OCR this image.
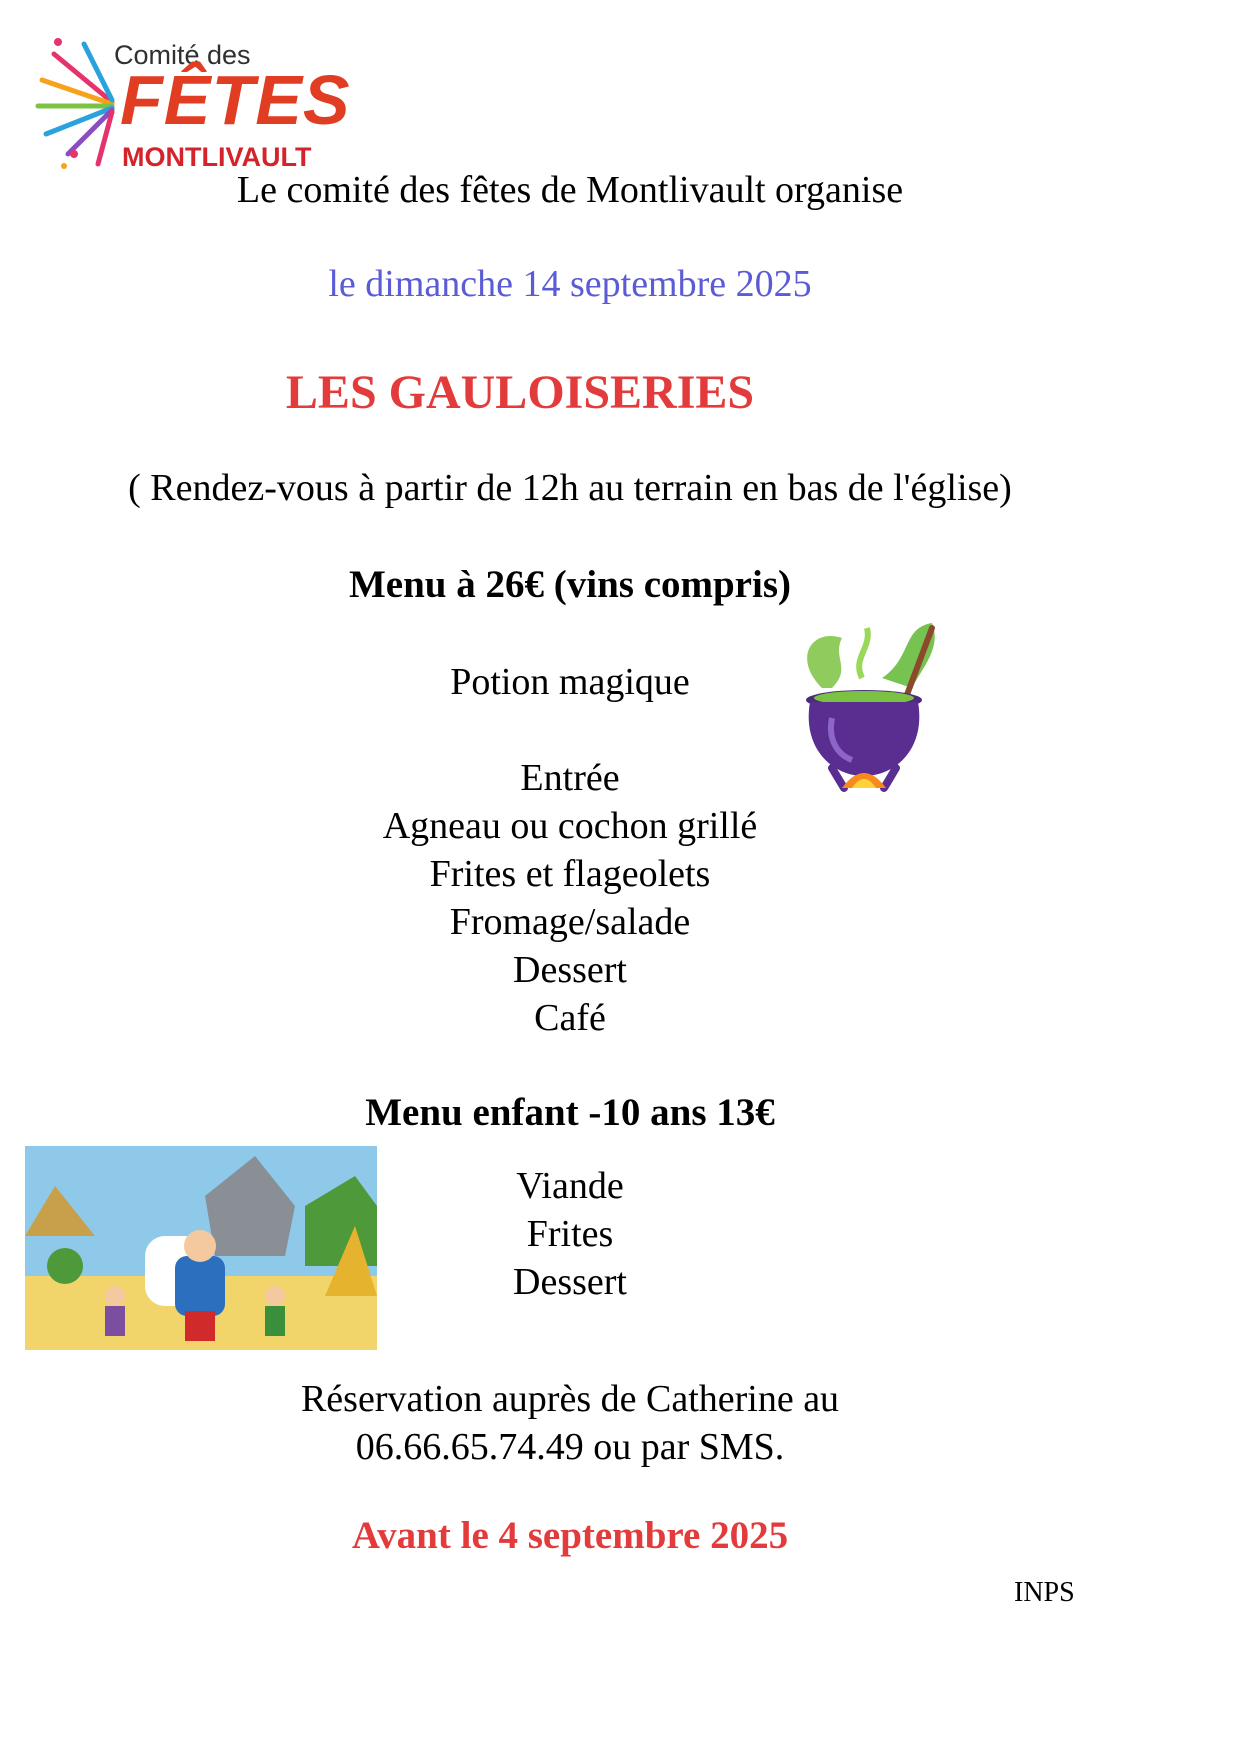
Comité des
FÊTES
MONTLIVAULT
Le comité des fêtes de Montlivault organise
le dimanche 14 septembre 2025
LES GAULOISERIES
( Rendez-vous à partir de 12h au terrain en bas de l'église)
Menu à 26€ (vins compris)
Potion magique
Entrée
Agneau ou cochon grillé
Frites et flageolets
Fromage/salade
Dessert
Café
Menu enfant -10 ans 13€
Viande
Frites
Dessert
Réservation auprès de Catherine au
06.66.65.74.49 ou par SMS.
Avant le 4 septembre 2025
INPS
